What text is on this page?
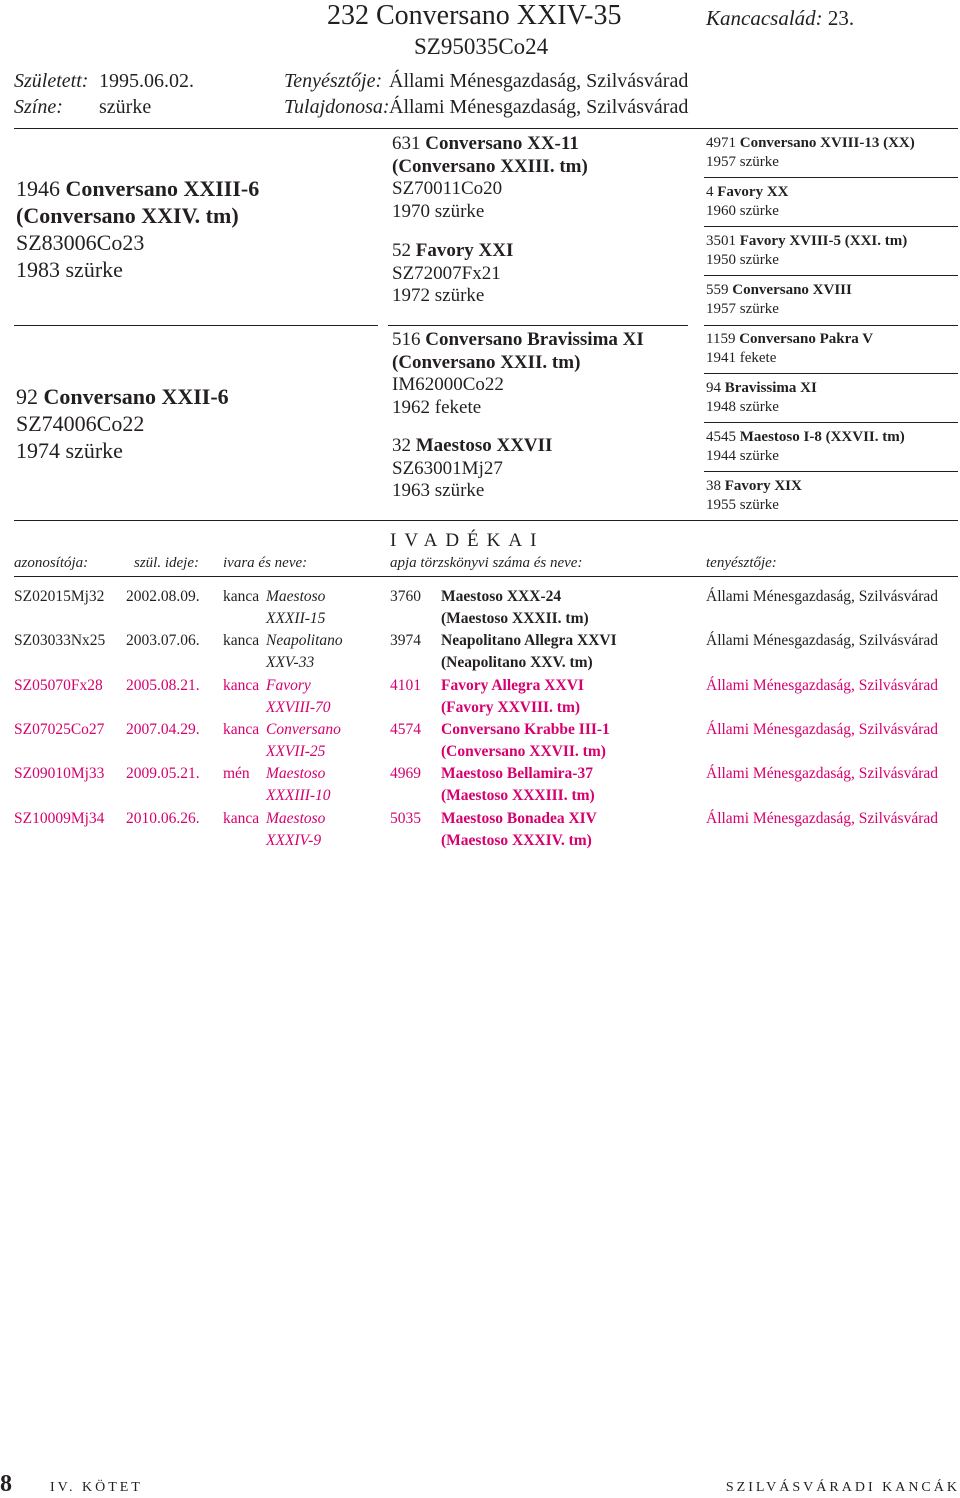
232 Conversano XXIV-35
SZ95035Co24
Kancacsalád: 23.
Született: 1995.06.02.
Színe: szürke
Tenyésztője: Állami Ménesgazdaság, Szilvásvárad
Tulajdonosa: Állami Ménesgazdaság, Szilvásvárad
1946 Conversano XXIII-6
(Conversano XXIV. tm)
SZ83006Co23
1983 szürke
92 Conversano XXII-6
SZ74006Co22
1974 szürke
631 Conversano XX-11
(Conversano XXIII. tm)
SZ70011Co20
1970 szürke
52 Favory XXI
SZ72007Fx21
1972 szürke
516 Conversano Bravissima XI
(Conversano XXII. tm)
IM62000Co22
1962 fekete
32 Maestoso XXVII
SZ63001Mj27
1963 szürke
4971 Conversano XVIII-13 (XX)
1957 szürke
4 Favory XX
1960 szürke
3501 Favory XVIII-5 (XXI. tm)
1950 szürke
559 Conversano XVIII
1957 szürke
1159 Conversano Pakra V
1941 fekete
94 Bravissima XI
1948 szürke
4545 Maestoso I-8 (XXVII. tm)
1944 szürke
38 Favory XIX
1955 szürke
IVADÉKAI
azonosítója:	szül. ideje: ivara és neve:	apja törzskönyvi száma és neve:	tenyésztője:
SZ02015Mj32 2002.08.09. kanca Maestoso
XXXII-15
3760 Maestoso XXX-24
(Maestoso XXXII. tm)
Állami Ménesgazdaság, Szilvásvárad
SZ03033Nx25 2003.07.06. kanca Neapolitano
XXV-33
3974 Neapolitano Allegra XXVI
(Neapolitano XXV. tm)
Állami Ménesgazdaság, Szilvásvárad
SZ05070Fx28 2005.08.21. kanca Favory
XXVIII-70
4101 Favory Allegra XXVI
(Favory XXVIII. tm)
Állami Ménesgazdaság, Szilvásvárad
SZ07025Co27 2007.04.29. kanca Conversano
XXVII-25
4574 Conversano Krabbe III-1
(Conversano XXVII. tm)
Állami Ménesgazdaság, Szilvásvárad
SZ09010Mj33 2009.05.21. mén Maestoso
XXXIII-10
4969 Maestoso Bellamira-37
(Maestoso XXXIII. tm)
Állami Ménesgazdaság, Szilvásvárad
SZ10009Mj34 2010.06.26. kanca Maestoso
XXXIV-9
5035 Maestoso Bonadea XIV
(Maestoso XXXIV. tm)
Állami Ménesgazdaság, Szilvásvárad
8	IV. KÖTET	SZILVÁSVÁRADI KANCÁK
